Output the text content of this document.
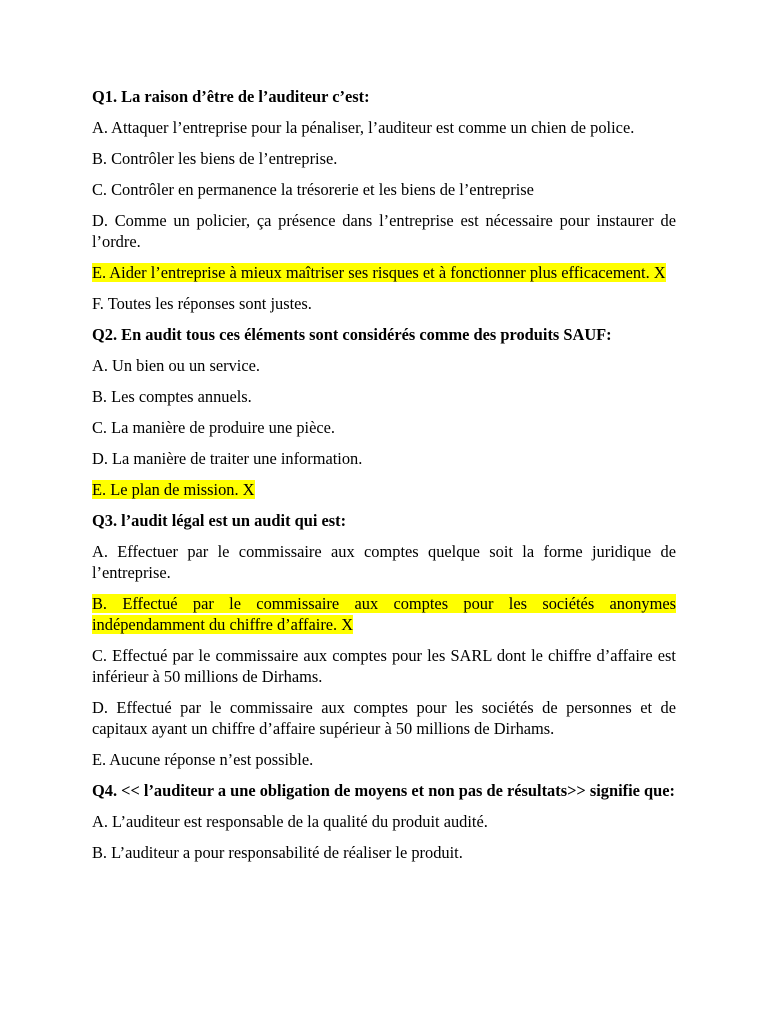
Q1. La raison d’être de l’auditeur c’est:

A. Attaquer l’entreprise pour la pénaliser, l’auditeur est comme un chien de police.

B. Contrôler les biens de l’entreprise.

C. Contrôler en permanence la trésorerie et les biens de l’entreprise

D. Comme un policier, ça présence dans l’entreprise est nécessaire pour instaurer de l’ordre.

E. Aider l’entreprise à mieux maîtriser ses risques et à fonctionner plus efficacement. X

F. Toutes les réponses sont justes.

Q2. En audit tous ces éléments sont considérés comme des produits SAUF:

A. Un bien ou un service.

B. Les comptes annuels.

C. La manière de produire une pièce.

D. La manière de traiter une information.

E. Le plan de mission. X

Q3. l’audit légal est un audit qui est:

A. Effectuer par le commissaire aux comptes quelque soit la forme juridique de l’entreprise.

B. Effectué par le commissaire aux comptes pour les sociétés anonymes indépendamment du chiffre d’affaire. X

C. Effectué par le commissaire aux comptes pour les SARL dont le chiffre d’affaire est inférieur à 50 millions de Dirhams.

D. Effectué par le commissaire aux comptes pour les sociétés de personnes et de capitaux ayant un chiffre d’affaire supérieur à 50 millions de Dirhams.

E. Aucune réponse n’est possible.

Q4. << l’auditeur a une obligation de moyens et non pas de résultats>> signifie que:

A. L’auditeur est responsable de la qualité du produit audité.

B. L’auditeur a pour responsabilité de réaliser le produit.
